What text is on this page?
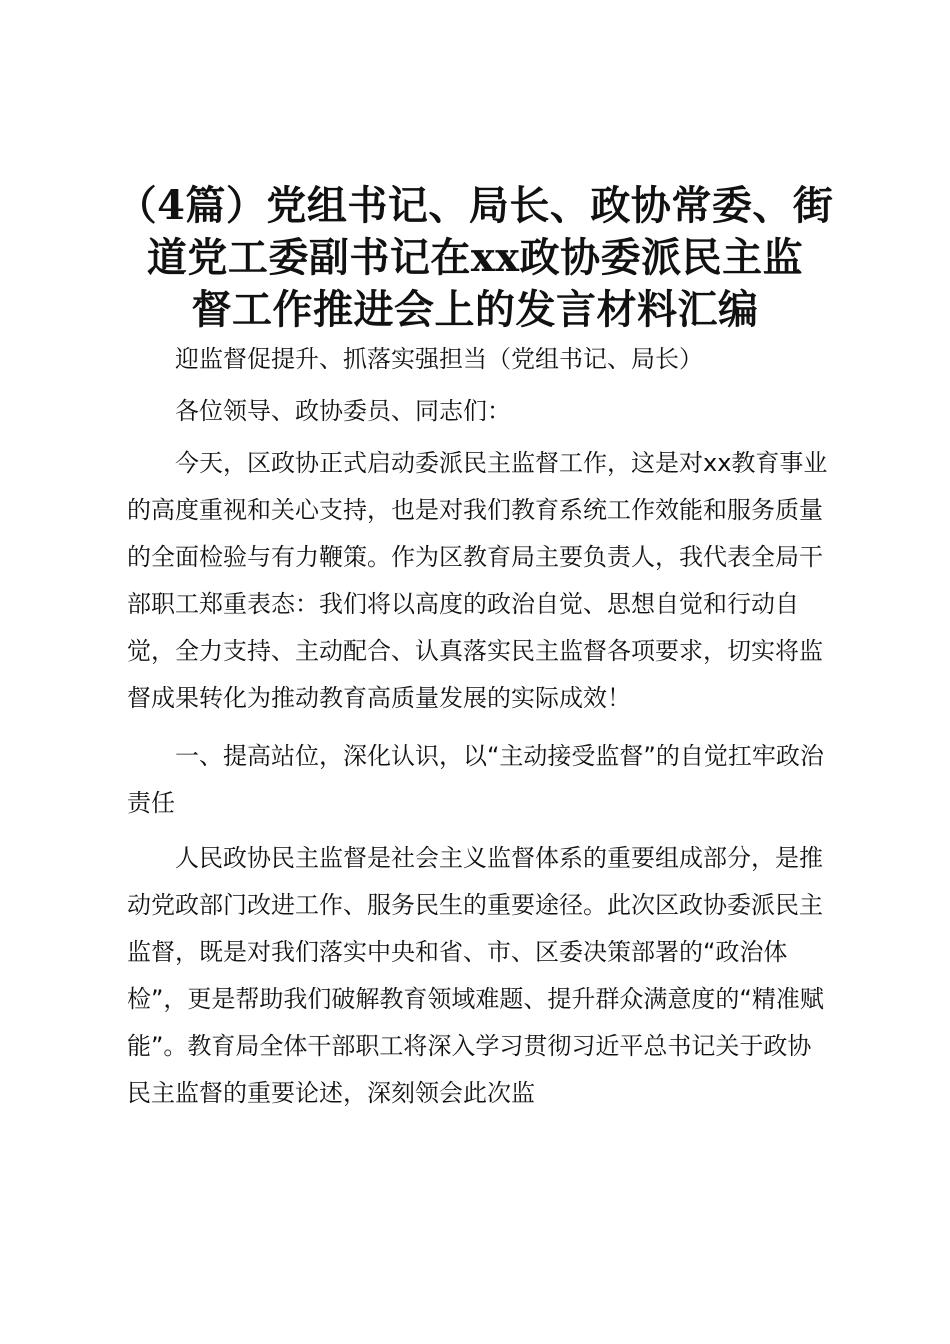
（4篇）党组书记、局长、政协常委、街
道党工委副书记在xx政协委派民主监
督工作推进会上的发言材料汇编

迎监督促提升、抓落实强担当（党组书记、局长）

各位领导、政协委员、同志们：

今天，区政协正式启动委派民主监督工作，这是对xx教育事业的高度重视和关心支持，也是对我们教育系统工作效能和服务质量的全面检验与有力鞭策。作为区教育局主要负责人，我代表全局干部职工郑重表态：我们将以高度的政治自觉、思想自觉和行动自觉，全力支持、主动配合、认真落实民主监督各项要求，切实将监督成果转化为推动教育高质量发展的实际成效！

一、提高站位，深化认识，以“主动接受监督”的自觉扛牢政治责任

人民政协民主监督是社会主义监督体系的重要组成部分，是推动党政部门改进工作、服务民生的重要途径。此次区政协委派民主监督，既是对我们落实中央和省、市、区委决策部署的“政治体检”，更是帮助我们破解教育领域难题、提升群众满意度的“精准赋能”。教育局全体干部职工将深入学习贯彻习近平总书记关于政协民主监督的重要论述，深刻领会此次监
